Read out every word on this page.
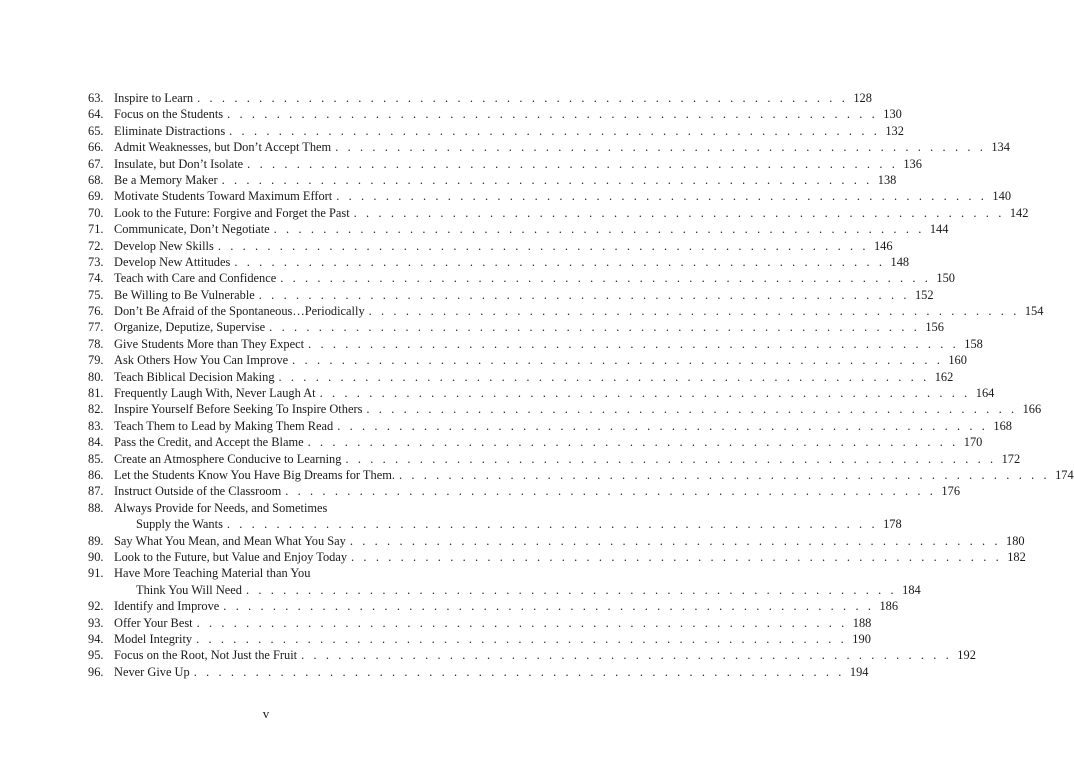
63. Inspire to Learn . . . . . . . . . . . . . . . . . . . . . . . . . . . . . . . . . . . . . . . . . . . . . . . . . . . . . 128
64. Focus on the Students . . . . . . . . . . . . . . . . . . . . . . . . . . . . . . . . . . . . . . . . . . . . . . . . . . . . . 130
65. Eliminate Distractions . . . . . . . . . . . . . . . . . . . . . . . . . . . . . . . . . . . . . . . . . . . . . . . . . . . . . 132
66. Admit Weaknesses, but Don’t Accept Them . . . . . . . . . . . . . . . . . . . . . . . . . . . . . . . . . . . . . . . . . . . . . . . . . . . . . 134
67. Insulate, but Don’t Isolate . . . . . . . . . . . . . . . . . . . . . . . . . . . . . . . . . . . . . . . . . . . . . . . . . . . . . 136
68. Be a Memory Maker . . . . . . . . . . . . . . . . . . . . . . . . . . . . . . . . . . . . . . . . . . . . . . . . . . . . . 138
69. Motivate Students Toward Maximum Effort . . . . . . . . . . . . . . . . . . . . . . . . . . . . . . . . . . . . . . . . . . . . . . . . . . . . . 140
70. Look to the Future: Forgive and Forget the Past . . . . . . . . . . . . . . . . . . . . . . . . . . . . . . . . . . . . . . . . . . . . . . . . . . . . . 142
71. Communicate, Don’t Negotiate . . . . . . . . . . . . . . . . . . . . . . . . . . . . . . . . . . . . . . . . . . . . . . . . . . . . . 144
72. Develop New Skills . . . . . . . . . . . . . . . . . . . . . . . . . . . . . . . . . . . . . . . . . . . . . . . . . . . . . 146
73. Develop New Attitudes . . . . . . . . . . . . . . . . . . . . . . . . . . . . . . . . . . . . . . . . . . . . . . . . . . . . . 148
74. Teach with Care and Confidence . . . . . . . . . . . . . . . . . . . . . . . . . . . . . . . . . . . . . . . . . . . . . . . . . . . . . 150
75. Be Willing to Be Vulnerable . . . . . . . . . . . . . . . . . . . . . . . . . . . . . . . . . . . . . . . . . . . . . . . . . . . . . 152
76. Don’t Be Afraid of the Spontaneous…Periodically . . . . . . . . . . . . . . . . . . . . . . . . . . . . . . . . . . . . . . . . . . . . . . . . . . . . . 154
77. Organize, Deputize, Supervise . . . . . . . . . . . . . . . . . . . . . . . . . . . . . . . . . . . . . . . . . . . . . . . . . . . . . 156
78. Give Students More than They Expect . . . . . . . . . . . . . . . . . . . . . . . . . . . . . . . . . . . . . . . . . . . . . . . . . . . . . 158
79. Ask Others How You Can Improve . . . . . . . . . . . . . . . . . . . . . . . . . . . . . . . . . . . . . . . . . . . . . . . . . . . . . 160
80. Teach Biblical Decision Making . . . . . . . . . . . . . . . . . . . . . . . . . . . . . . . . . . . . . . . . . . . . . . . . . . . . . 162
81. Frequently Laugh With, Never Laugh At . . . . . . . . . . . . . . . . . . . . . . . . . . . . . . . . . . . . . . . . . . . . . . . . . . . . . 164
82. Inspire Yourself Before Seeking To Inspire Others . . . . . . . . . . . . . . . . . . . . . . . . . . . . . . . . . . . . . . . . . . . . . . . . . . . . . 166
83. Teach Them to Lead by Making Them Read . . . . . . . . . . . . . . . . . . . . . . . . . . . . . . . . . . . . . . . . . . . . . . . . . . . . . 168
84. Pass the Credit, and Accept the Blame . . . . . . . . . . . . . . . . . . . . . . . . . . . . . . . . . . . . . . . . . . . . . . . . . . . . . 170
85. Create an Atmosphere Conducive to Learning . . . . . . . . . . . . . . . . . . . . . . . . . . . . . . . . . . . . . . . . . . . . . . . . . . . . . 172
86. Let the Students Know You Have Big Dreams for Them. . . . . . . . . . . . . . . . . . . . . . . . . . . . . . . . . . . . . . . . . . . . . . . . . . . . . . 174
87. Instruct Outside of the Classroom . . . . . . . . . . . . . . . . . . . . . . . . . . . . . . . . . . . . . . . . . . . . . . . . . . . . . 176
88. Always Provide for Needs, and Sometimes
Supply the Wants . . . . . . . . . . . . . . . . . . . . . . . . . . . . . . . . . . . . . . . . . . . . . . . . . . . . . 178
89. Say What You Mean, and Mean What You Say . . . . . . . . . . . . . . . . . . . . . . . . . . . . . . . . . . . . . . . . . . . . . . . . . . . . . 180
90. Look to the Future, but Value and Enjoy Today . . . . . . . . . . . . . . . . . . . . . . . . . . . . . . . . . . . . . . . . . . . . . . . . . . . . . 182
91. Have More Teaching Material than You
Think You Will Need . . . . . . . . . . . . . . . . . . . . . . . . . . . . . . . . . . . . . . . . . . . . . . . . . . . . . 184
92. Identify and Improve . . . . . . . . . . . . . . . . . . . . . . . . . . . . . . . . . . . . . . . . . . . . . . . . . . . . . 186
93. Offer Your Best . . . . . . . . . . . . . . . . . . . . . . . . . . . . . . . . . . . . . . . . . . . . . . . . . . . . . 188
94. Model Integrity . . . . . . . . . . . . . . . . . . . . . . . . . . . . . . . . . . . . . . . . . . . . . . . . . . . . . 190
95. Focus on the Root, Not Just the Fruit . . . . . . . . . . . . . . . . . . . . . . . . . . . . . . . . . . . . . . . . . . . . . . . . . . . . . 192
96. Never Give Up . . . . . . . . . . . . . . . . . . . . . . . . . . . . . . . . . . . . . . . . . . . . . . . . . . . . . 194
v
